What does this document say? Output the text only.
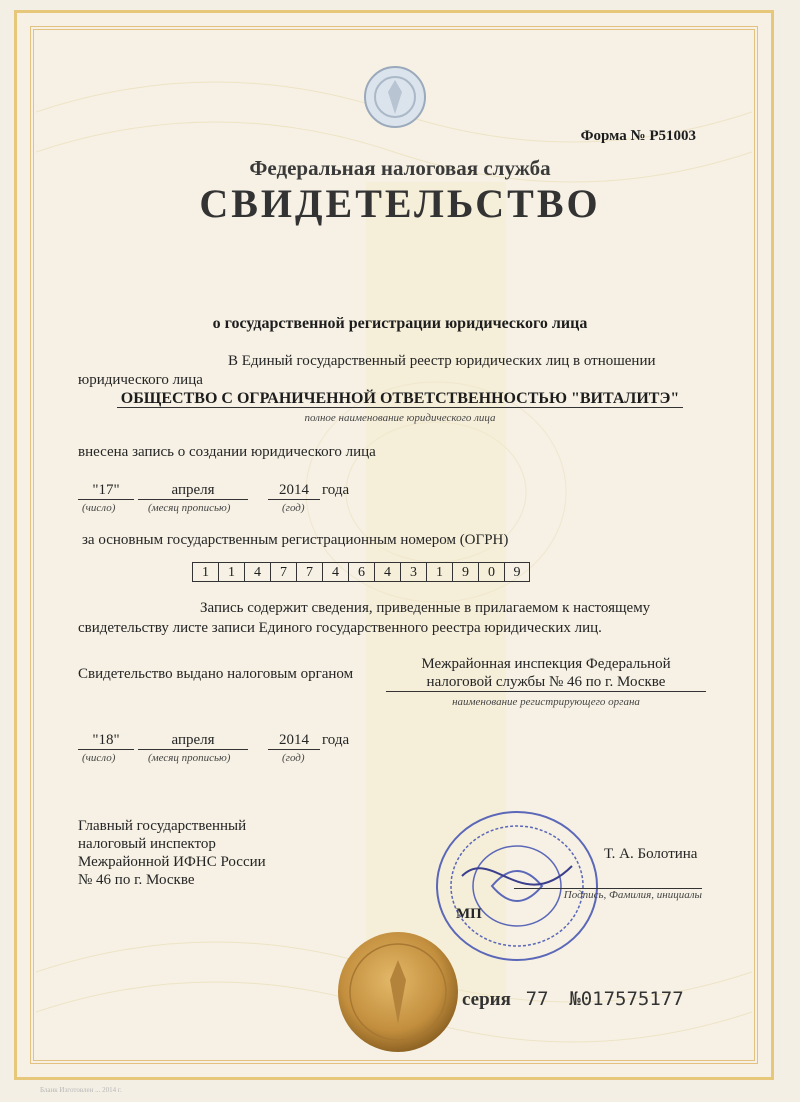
Форма № Р51003
Федеральная налоговая служба
СВИДЕТЕЛЬСТВО
о государственной регистрации юридического лица
В Единый государственный реестр юридических лиц в отношении
юридического лица
ОБЩЕСТВО С ОГРАНИЧЕННОЙ ОТВЕТСТВЕННОСТЬЮ "ВИТАЛИТЭ"
полное наименование юридического лица
внесена запись о создании юридического лица
"17"	апреля	2014 года
(число)	(месяц прописью)	(год)
за основным государственным регистрационным номером (ОГРН)
1	1	4	7	7	4	6	4	3	1	9	0	9
Запись содержит сведения, приведенные в прилагаемом к настоящему
свидетельству листе записи Единого государственного реестра юридических лиц.
Свидетельство выдано налоговым органом
Межрайонная инспекция Федеральной
налоговой службы № 46 по г. Москве
наименование регистрирующего органа
"18"	апреля	2014 года
(число)	(месяц прописью)	(год)
Главный государственный
налоговый инспектор
Межрайонной ИФНС России
№ 46 по г. Москве
Т. А. Болотина
Подпись, Фамилия, инициалы
МП
серия 77 №017575177
Бланк Изготовлен ... 2014 г.
